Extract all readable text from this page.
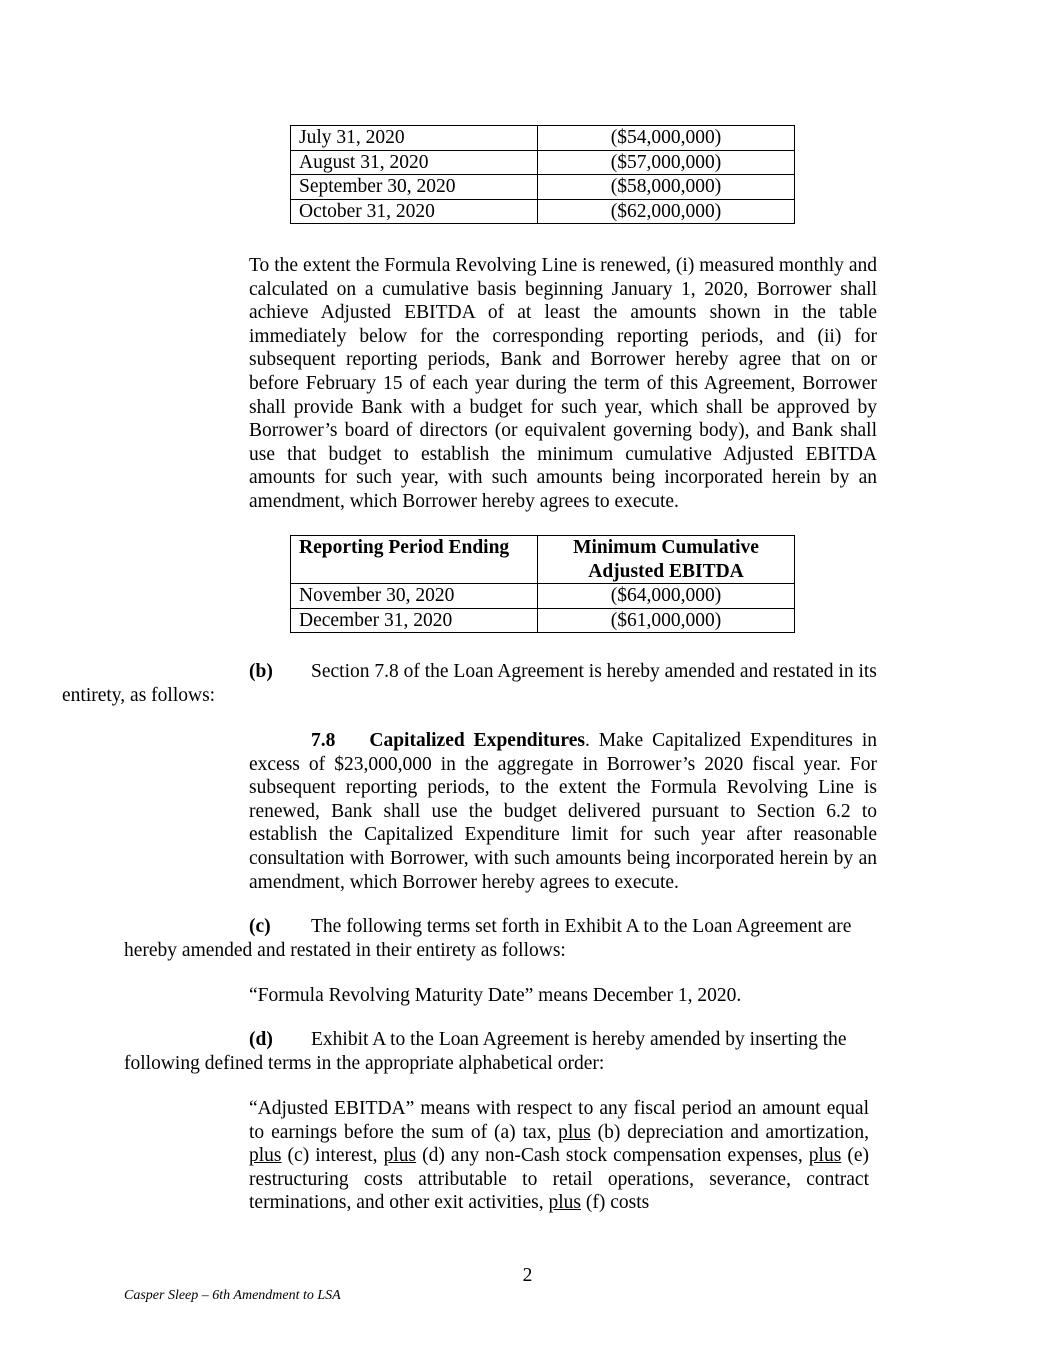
July 31, 2020	($54,000,000)
August 31, 2020	($57,000,000)
September 30, 2020	($58,000,000)
October 31, 2020	($62,000,000)
To the extent the Formula Revolving Line is renewed, (i) measured monthly and calculated on a cumulative basis beginning January 1, 2020, Borrower shall achieve Adjusted EBITDA of at least the amounts shown in the table immediately below for the corresponding reporting periods, and (ii) for subsequent reporting periods, Bank and Borrower hereby agree that on or before February 15 of each year during the term of this Agreement, Borrower shall provide Bank with a budget for such year, which shall be approved by Borrower’s board of directors (or equivalent governing body), and Bank shall use that budget to establish the minimum cumulative Adjusted EBITDA amounts for such year, with such amounts being incorporated herein by an amendment, which Borrower hereby agrees to execute.
Reporting Period Ending	Minimum Cumulative Adjusted EBITDA
November 30, 2020	($64,000,000)
December 31, 2020	($61,000,000)
(b) Section 7.8 of the Loan Agreement is hereby amended and restated in its
entirety, as follows:
7.8 Capitalized Expenditures. Make Capitalized Expenditures in excess of $23,000,000 in the aggregate in Borrower’s 2020 fiscal year. For subsequent reporting periods, to the extent the Formula Revolving Line is renewed, Bank shall use the budget delivered pursuant to Section 6.2 to establish the Capitalized Expenditure limit for such year after reasonable consultation with Borrower, with such amounts being incorporated herein by an amendment, which Borrower hereby agrees to execute.
(c) The following terms set forth in Exhibit A to the Loan Agreement are
hereby amended and restated in their entirety as follows:
“Formula Revolving Maturity Date” means December 1, 2020.
(d) Exhibit A to the Loan Agreement is hereby amended by inserting the
following defined terms in the appropriate alphabetical order:
“Adjusted EBITDA” means with respect to any fiscal period an amount equal to earnings before the sum of (a) tax, plus (b) depreciation and amortization, plus (c) interest, plus (d) any non-Cash stock compensation expenses, plus (e) restructuring costs attributable to retail operations, severance, contract terminations, and other exit activities, plus (f) costs
2
Casper Sleep – 6th Amendment to LSA
